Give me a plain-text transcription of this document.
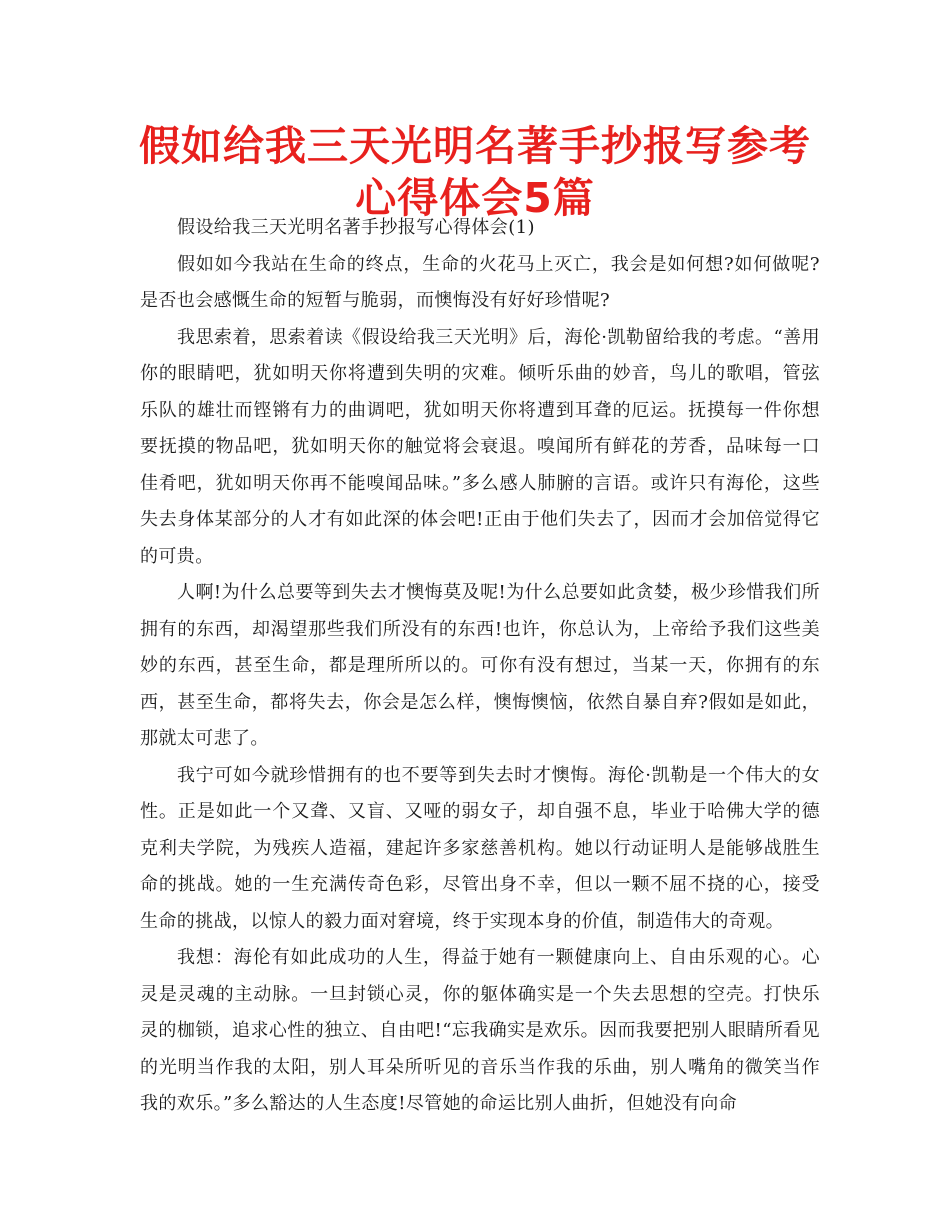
假如给我三天光明名著手抄报写参考心得体会5篇

假设给我三天光明名著手抄报写心得体会(1)

假如如今我站在生命的终点，生命的火花马上灭亡，我会是如何想?如何做呢?是否也会感慨生命的短暂与脆弱，而懊悔没有好好珍惜呢?

我思索着，思索着读《假设给我三天光明》后，海伦·凯勒留给我的考虑。“善用你的眼睛吧，犹如明天你将遭到失明的灾难。倾听乐曲的妙音，鸟儿的歌唱，管弦乐队的雄壮而铿锵有力的曲调吧，犹如明天你将遭到耳聋的厄运。抚摸每一件你想要抚摸的物品吧，犹如明天你的触觉将会衰退。嗅闻所有鲜花的芳香，品味每一口佳肴吧，犹如明天你再不能嗅闻品味。”多么感人肺腑的言语。或许只有海伦，这些失去身体某部分的人才有如此深的体会吧!正由于他们失去了，因而才会加倍觉得它的可贵。

人啊!为什么总要等到失去才懊悔莫及呢!为什么总要如此贪婪，极少珍惜我们所拥有的东西，却渴望那些我们所没有的东西!也许，你总认为，上帝给予我们这些美妙的东西，甚至生命，都是理所所以的。可你有没有想过，当某一天，你拥有的东西，甚至生命，都将失去，你会是怎么样，懊悔懊恼，依然自暴自弃?假如是如此，那就太可悲了。

我宁可如今就珍惜拥有的也不要等到失去时才懊悔。海伦·凯勒是一个伟大的女性。正是如此一个又聋、又盲、又哑的弱女子，却自强不息，毕业于哈佛大学的德克利夫学院，为残疾人造福，建起许多家慈善机构。她以行动证明人是能够战胜生命的挑战。她的一生充满传奇色彩，尽管出身不幸，但以一颗不屈不挠的心，接受生命的挑战，以惊人的毅力面对窘境，终于实现本身的价值，制造伟大的奇观。

我想：海伦有如此成功的人生，得益于她有一颗健康向上、自由乐观的心。心灵是灵魂的主动脉。一旦封锁心灵，你的躯体确实是一个失去思想的空壳。打快乐灵的枷锁，追求心性的独立、自由吧!“忘我确实是欢乐。因而我要把别人眼睛所看见的光明当作我的太阳，别人耳朵所听见的音乐当作我的乐曲，别人嘴角的微笑当作我的欢乐。”多么豁达的人生态度!尽管她的命运比别人曲折，但她没有向命
